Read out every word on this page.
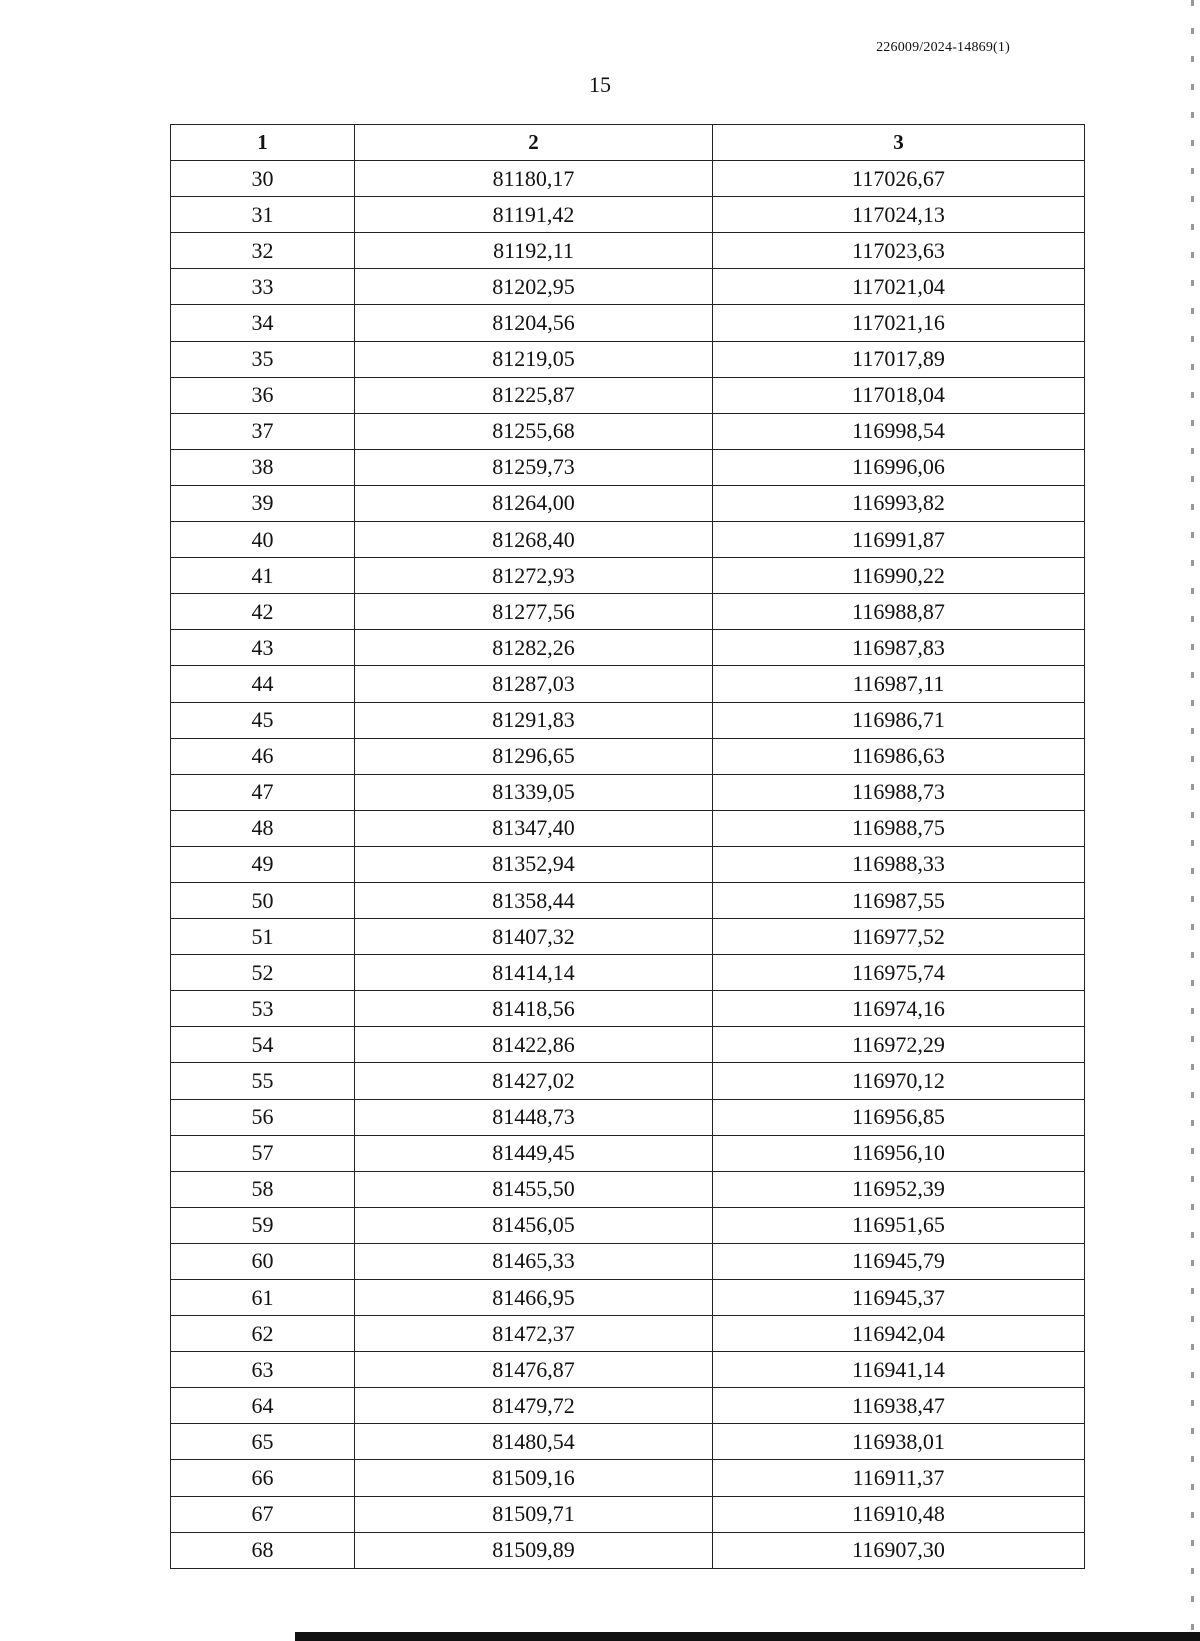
226009/2024-14869(1)
15
1	2	3
30	81180,17	117026,67
31	81191,42	117024,13
32	81192,11	117023,63
33	81202,95	117021,04
34	81204,56	117021,16
35	81219,05	117017,89
36	81225,87	117018,04
37	81255,68	116998,54
38	81259,73	116996,06
39	81264,00	116993,82
40	81268,40	116991,87
41	81272,93	116990,22
42	81277,56	116988,87
43	81282,26	116987,83
44	81287,03	116987,11
45	81291,83	116986,71
46	81296,65	116986,63
47	81339,05	116988,73
48	81347,40	116988,75
49	81352,94	116988,33
50	81358,44	116987,55
51	81407,32	116977,52
52	81414,14	116975,74
53	81418,56	116974,16
54	81422,86	116972,29
55	81427,02	116970,12
56	81448,73	116956,85
57	81449,45	116956,10
58	81455,50	116952,39
59	81456,05	116951,65
60	81465,33	116945,79
61	81466,95	116945,37
62	81472,37	116942,04
63	81476,87	116941,14
64	81479,72	116938,47
65	81480,54	116938,01
66	81509,16	116911,37
67	81509,71	116910,48
68	81509,89	116907,30
